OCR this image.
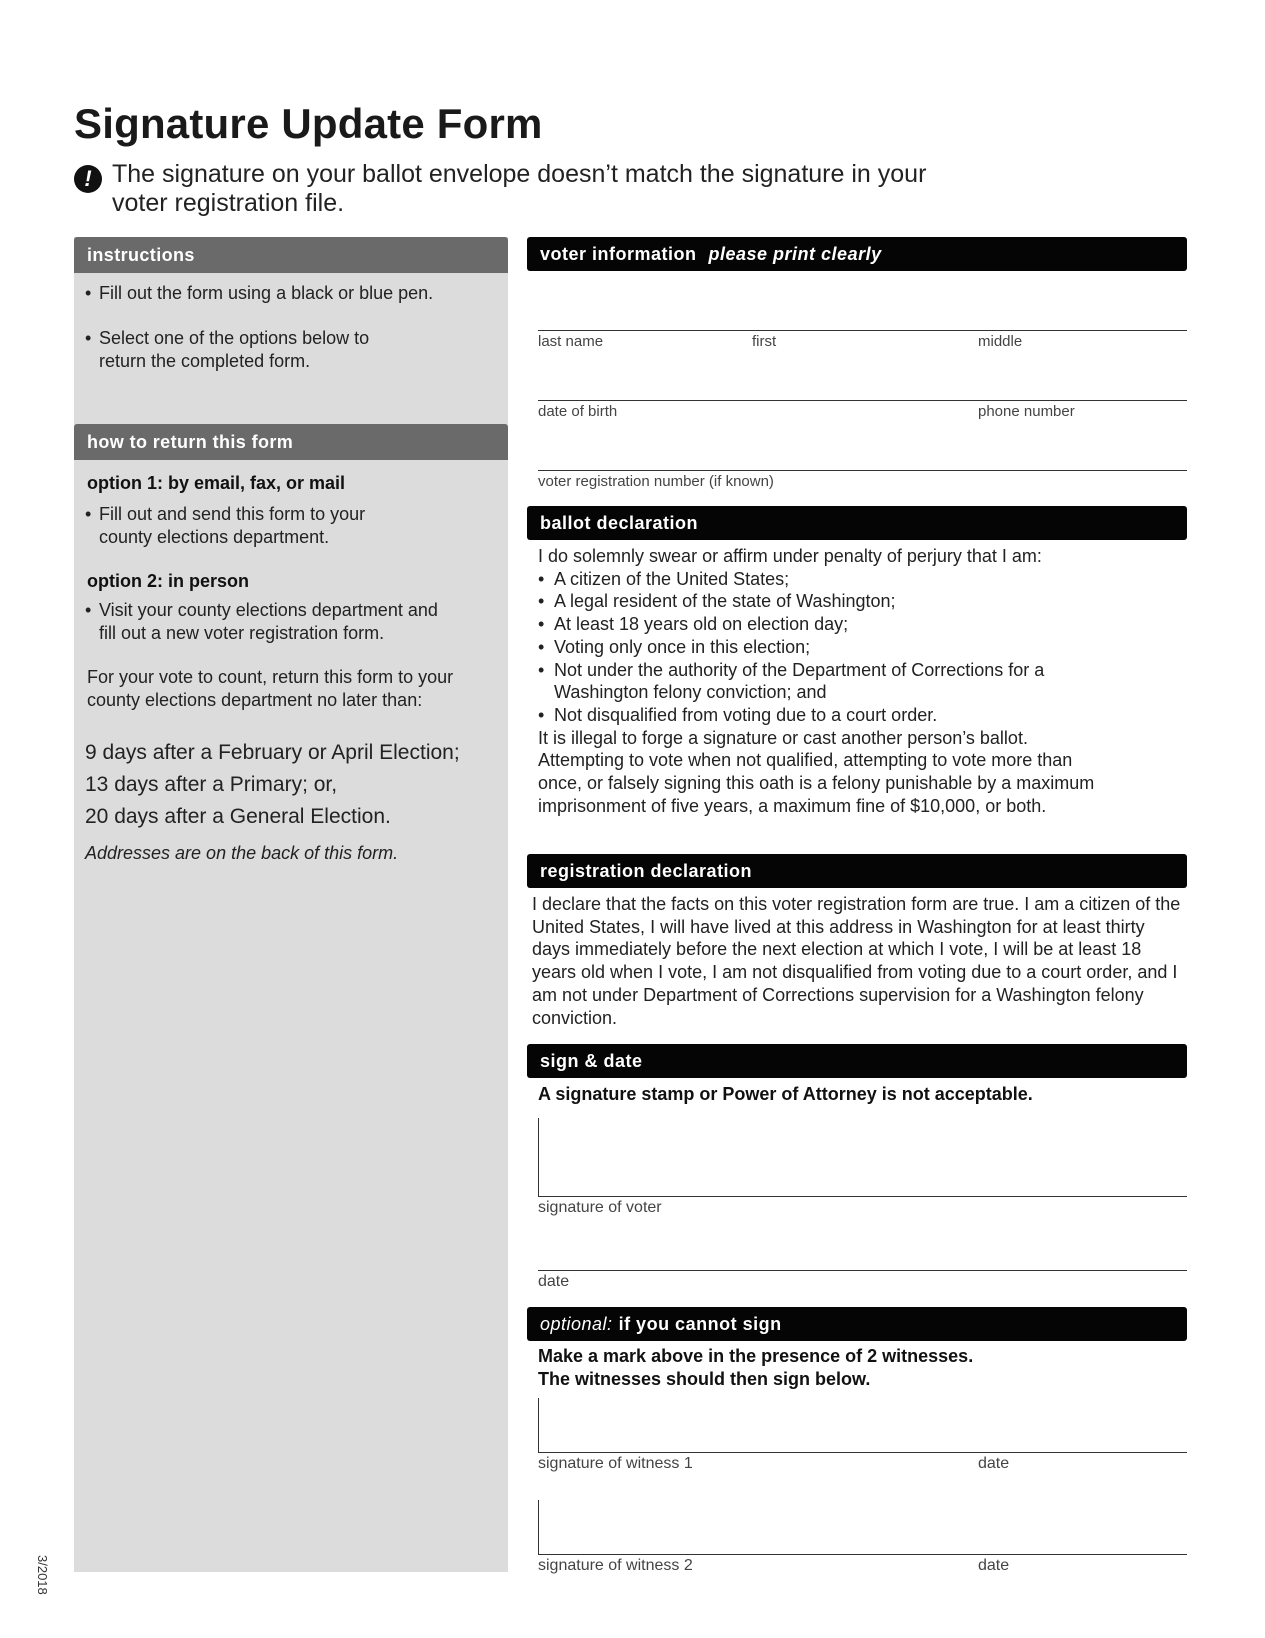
Signature Update Form
! The signature on your ballot envelope doesn’t match the signature in your voter registration file.
instructions
• Fill out the form using a black or blue pen.
• Select one of the options below to return the completed form.
how to return this form
option 1: by email, fax, or mail
• Fill out and send this form to your county elections department.
option 2: in person
• Visit your county elections department and fill out a new voter registration form.
For your vote to count, return this form to your county elections department no later than:
9 days after a February or April Election;
13 days after a Primary; or,
20 days after a General Election.
Addresses are on the back of this form.
3/2018
voter information please print clearly
last name	first	middle
date of birth	phone number
voter registration number (if known)
ballot declaration
I do solemnly swear or affirm under penalty of perjury that I am:
• A citizen of the United States;
• A legal resident of the state of Washington;
• At least 18 years old on election day;
• Voting only once in this election;
• Not under the authority of the Department of Corrections for a Washington felony conviction; and
• Not disqualified from voting due to a court order.
It is illegal to forge a signature or cast another person’s ballot. Attempting to vote when not qualified, attempting to vote more than once, or falsely signing this oath is a felony punishable by a maximum imprisonment of five years, a maximum fine of $10,000, or both.
registration declaration
I declare that the facts on this voter registration form are true. I am a citizen of the United States, I will have lived at this address in Washington for at least thirty days immediately before the next election at which I vote, I will be at least 18 years old when I vote, I am not disqualified from voting due to a court order, and I am not under Department of Corrections supervision for a Washington felony conviction.
sign & date
A signature stamp or Power of Attorney is not acceptable.
signature of voter
date
optional: if you cannot sign
Make a mark above in the presence of 2 witnesses.
The witnesses should then sign below.
signature of witness 1	date
signature of witness 2	date
